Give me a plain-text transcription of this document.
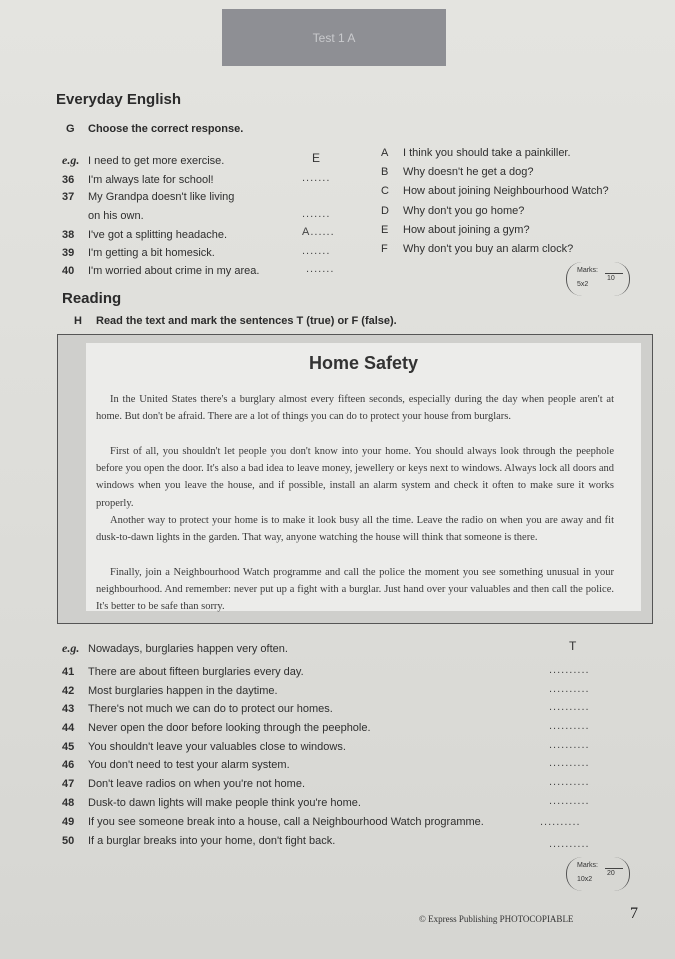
Test 1 A
Everyday English
G Choose the correct response.
e.g. I need to get more exercise.	E
36 I'm always late for school!	.......
37 My Grandpa doesn't like living
on his own.	.......
38 I've got a splitting headache.	A......
39 I'm getting a bit homesick.	.......
40 I'm worried about crime in my area.	.......
A I think you should take a painkiller.
B Why doesn't he get a dog?
C How about joining Neighbourhood Watch?
D Why don't you go home?
E How about joining a gym?
F Why don't you buy an alarm clock?
Marks:
5x2
10
Reading
H Read the text and mark the sentences T (true) or F (false).
Home Safety
In the United States there's a burglary almost every fifteen seconds, especially during the day when people aren't at home. But don't be afraid. There are a lot of things you can do to protect your house from burglars.
First of all, you shouldn't let people you don't know into your home. You should always look through the peephole before you open the door. It's also a bad idea to leave money, jewellery or keys next to windows. Always lock all doors and windows when you leave the house, and if possible, install an alarm system and check it often to make sure it works properly.
Another way to protect your home is to make it look busy all the time. Leave the radio on when you are away and fit dusk-to-dawn lights in the garden. That way, anyone watching the house will think that someone is there.
Finally, join a Neighbourhood Watch programme and call the police the moment you see something unusual in your neighbourhood. And remember: never put up a fight with a burglar. Just hand over your valuables and then call the police. It's better to be safe than sorry.
e.g. Nowadays, burglaries happen very often.	T
41 There are about fifteen burglaries every day.	..........
42 Most burglaries happen in the daytime.	..........
43 There's not much we can do to protect our homes.	..........
44 Never open the door before looking through the peephole.	..........
45 You shouldn't leave your valuables close to windows.	..........
46 You don't need to test your alarm system.	..........
47 Don't leave radios on when you're not home.	..........
48 Dusk-to dawn lights will make people think you're home.	..........
49 If you see someone break into a house, call a Neighbourhood Watch programme.	..........
50 If a burglar breaks into your home, don't fight back.	..........
Marks:
10x2
20
© Express Publishing PHOTOCOPIABLE	7
